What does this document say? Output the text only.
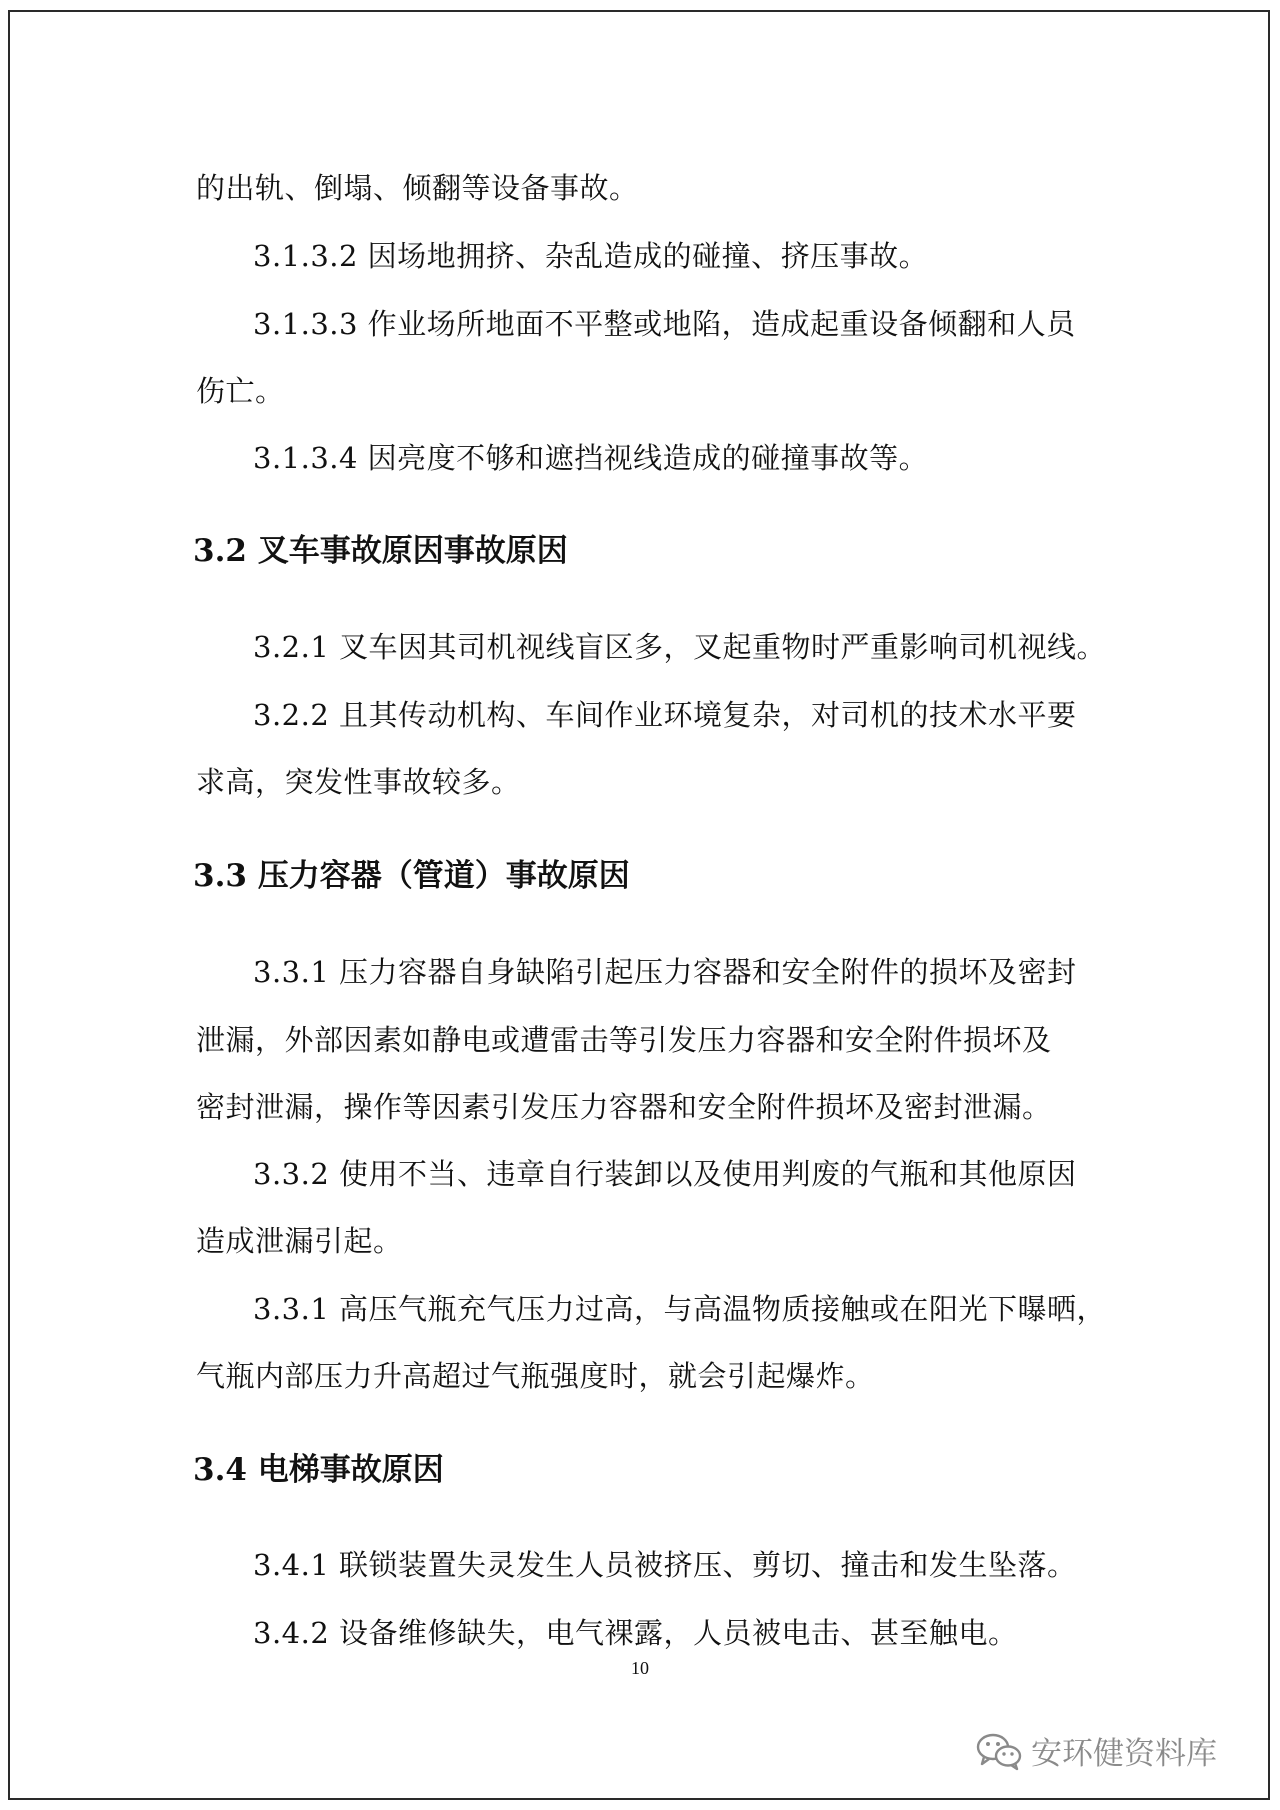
的出轨、倒塌、倾翻等设备事故。
3.1.3.2 因场地拥挤、杂乱造成的碰撞、挤压事故。
3.1.3.3 作业场所地面不平整或地陷，造成起重设备倾翻和人员
伤亡。
3.1.3.4 因亮度不够和遮挡视线造成的碰撞事故等。
3.2 叉车事故原因事故原因
3.2.1 叉车因其司机视线盲区多，叉起重物时严重影响司机视线。
3.2.2 且其传动机构、车间作业环境复杂，对司机的技术水平要
求高，突发性事故较多。
3.3 压力容器（管道）事故原因
3.3.1 压力容器自身缺陷引起压力容器和安全附件的损坏及密封
泄漏，外部因素如静电或遭雷击等引发压力容器和安全附件损坏及
密封泄漏，操作等因素引发压力容器和安全附件损坏及密封泄漏。
3.3.2 使用不当、违章自行装卸以及使用判废的气瓶和其他原因
造成泄漏引起。
3.3.1 高压气瓶充气压力过高，与高温物质接触或在阳光下曝晒，
气瓶内部压力升高超过气瓶强度时，就会引起爆炸。
3.4 电梯事故原因
3.4.1 联锁装置失灵发生人员被挤压、剪切、撞击和发生坠落。
3.4.2 设备维修缺失，电气裸露，人员被电击、甚至触电。
10
安环健资料库
